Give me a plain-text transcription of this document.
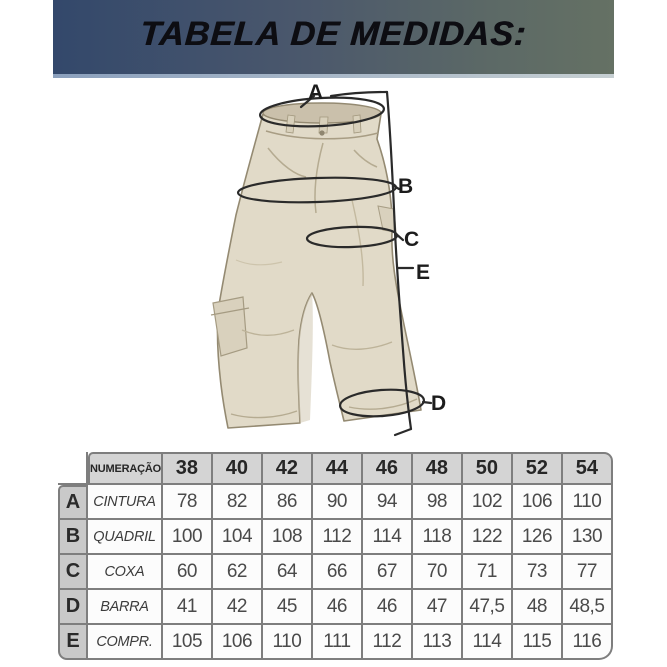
TABELA DE MEDIDAS:
A
B
C
D
E
	NUMERAÇÃO	38	40	42	44	46	48	50	52	54
A	CINTURA	78	82	86	90	94	98	102	106	110
B	QUADRIL	100	104	108	112	114	118	122	126	130
C	COXA	60	62	64	66	67	70	71	73	77
D	BARRA	41	42	45	46	46	47	47,5	48	48,5
E	COMPR.	105	106	110	111	112	113	114	115	116
